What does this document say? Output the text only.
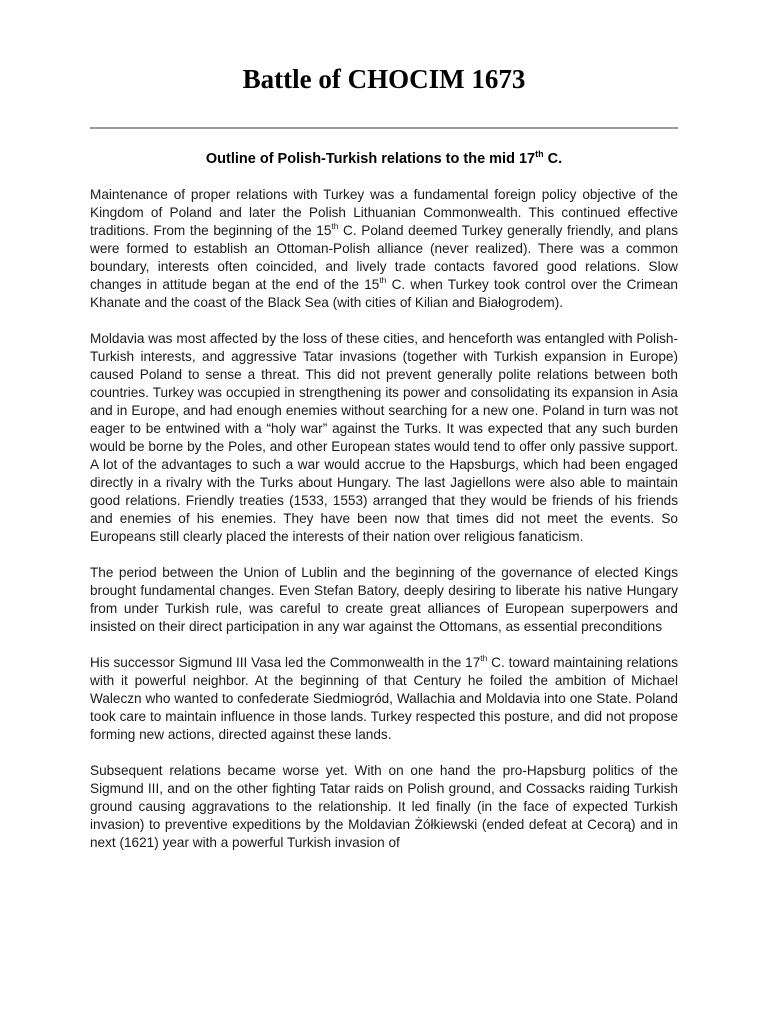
Battle of CHOCIM 1673
Outline of Polish-Turkish relations to the mid 17th C.

Maintenance of proper relations with Turkey was a fundamental foreign policy objective of the Kingdom of Poland and later the Polish Lithuanian Commonwealth. This continued effective traditions. From the beginning of the 15th C. Poland deemed Turkey generally friendly, and plans were formed to establish an Ottoman-Polish alliance (never realized). There was a common boundary, interests often coincided, and lively trade contacts favored good relations. Slow changes in attitude began at the end of the 15th C. when Turkey took control over the Crimean Khanate and the coast of the Black Sea (with cities of Kilian and Białogrodem).

Moldavia was most affected by the loss of these cities, and henceforth was entangled with Polish-Turkish interests, and aggressive Tatar invasions (together with Turkish expansion in Europe) caused Poland to sense a threat. This did not prevent generally polite relations between both countries. Turkey was occupied in strengthening its power and consolidating its expansion in Asia and in Europe, and had enough enemies without searching for a new one. Poland in turn was not eager to be entwined with a “holy war” against the Turks. It was expected that any such burden would be borne by the Poles, and other European states would tend to offer only passive support. A lot of the advantages to such a war would accrue to the Hapsburgs, which had been engaged directly in a rivalry with the Turks about Hungary. The last Jagiellons were also able to maintain good relations. Friendly treaties (1533, 1553) arranged that they would be friends of his friends and enemies of his enemies. They have been now that times did not meet the events. So Europeans still clearly placed the interests of their nation over religious fanaticism.

The period between the Union of Lublin and the beginning of the governance of elected Kings brought fundamental changes. Even Stefan Batory, deeply desiring to liberate his native Hungary from under Turkish rule, was careful to create great alliances of European superpowers and insisted on their direct participation in any war against the Ottomans, as essential preconditions

His successor Sigmund III Vasa led the Commonwealth in the 17th C. toward maintaining relations with it powerful neighbor. At the beginning of that Century he foiled the ambition of Michael Waleczn who wanted to confederate Siedmiogród, Wallachia and Moldavia into one State. Poland took care to maintain influence in those lands. Turkey respected this posture, and did not propose forming new actions, directed against these lands.

Subsequent relations became worse yet. With on one hand the pro-Hapsburg politics of the Sigmund III, and on the other fighting Tatar raids on Polish ground, and Cossacks raiding Turkish ground causing aggravations to the relationship. It led finally (in the face of expected Turkish invasion) to preventive expeditions by the Moldavian Żółkiewski (ended defeat at Cecorą) and in next (1621) year with a powerful Turkish invasion of
